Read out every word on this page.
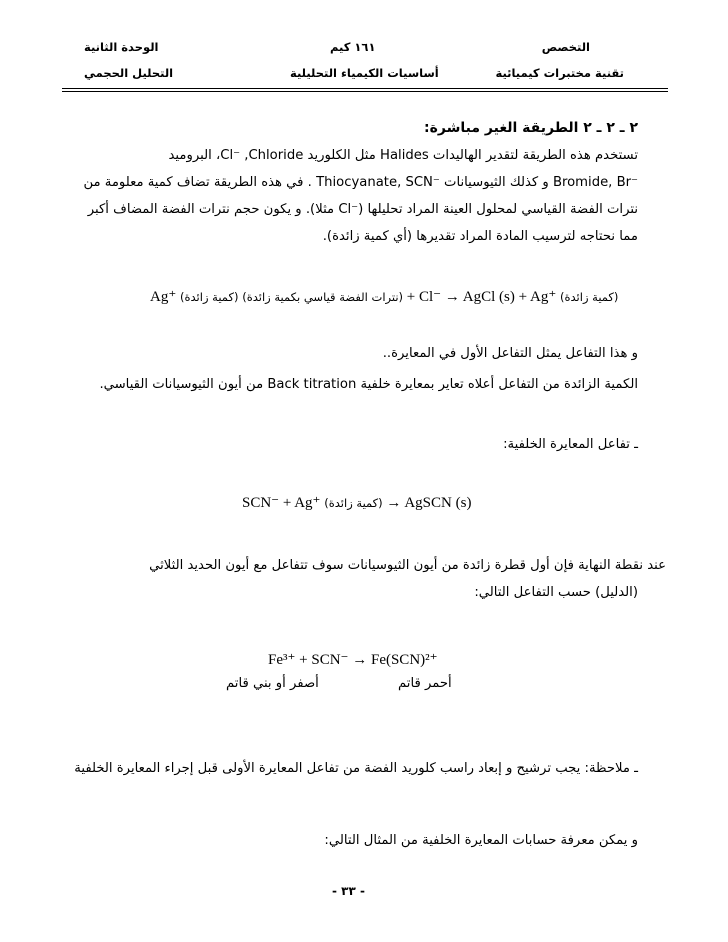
التخصص
١٦١ كيم
الوحدة الثانية
تقنية مختبرات كيميائية
أساسيات الكيمياء التحليلية
التحليل الحجمي
٢ ـ ٢ ـ ٢ الطريقة الغير مباشرة:
تستخدم هذه الطريقة لتقدير الهاليدات Halides مثل الكلوريد ‎Cl⁻ ,Chloride‎، البروميد
‎Bromide, Br⁻‎ و كذلك الثيوسيانات ‎Thiocyanate, SCN⁻‎ . في هذه الطريقة تضاف كمية معلومة من
نترات الفضة القياسي لمحلول العينة المراد تحليلها (‎Cl⁻‎ مثلا). و يكون حجم نترات الفضة المضاف أكبر
مما نحتاجه لترسيب المادة المراد تقديرها (أي كمية زائدة).
Ag⁺ (كمية زائدة) (نترات الفضة قياسي بكمية زائدة) + Cl⁻ → AgCl (s) + Ag⁺ (كمية زائدة)
و هذا التفاعل يمثل التفاعل الأول في المعايرة..
الكمية الزائدة من التفاعل أعلاه تعاير بمعايرة خلفية Back titration من أيون الثيوسيانات القياسي.
ـ تفاعل المعايرة الخلفية:
SCN⁻ + Ag⁺ (كمية زائدة) → AgSCN (s)
عند نقطة النهاية فإن أول قطرة زائدة من أيون الثيوسيانات سوف تتفاعل مع أيون الحديد الثلاثي
(الدليل) حسب التفاعل التالي:
Fe³⁺ + SCN⁻ → Fe(SCN)²⁺
أصفر أو بني قاتم	أحمر قاتم
ـ ملاحظة: يجب ترشيح و إبعاد راسب كلوريد الفضة من تفاعل المعايرة الأولى قبل إجراء المعايرة الخلفية
و يمكن معرفة حسابات المعايرة الخلفية من المثال التالي:
- ٣٣ -
